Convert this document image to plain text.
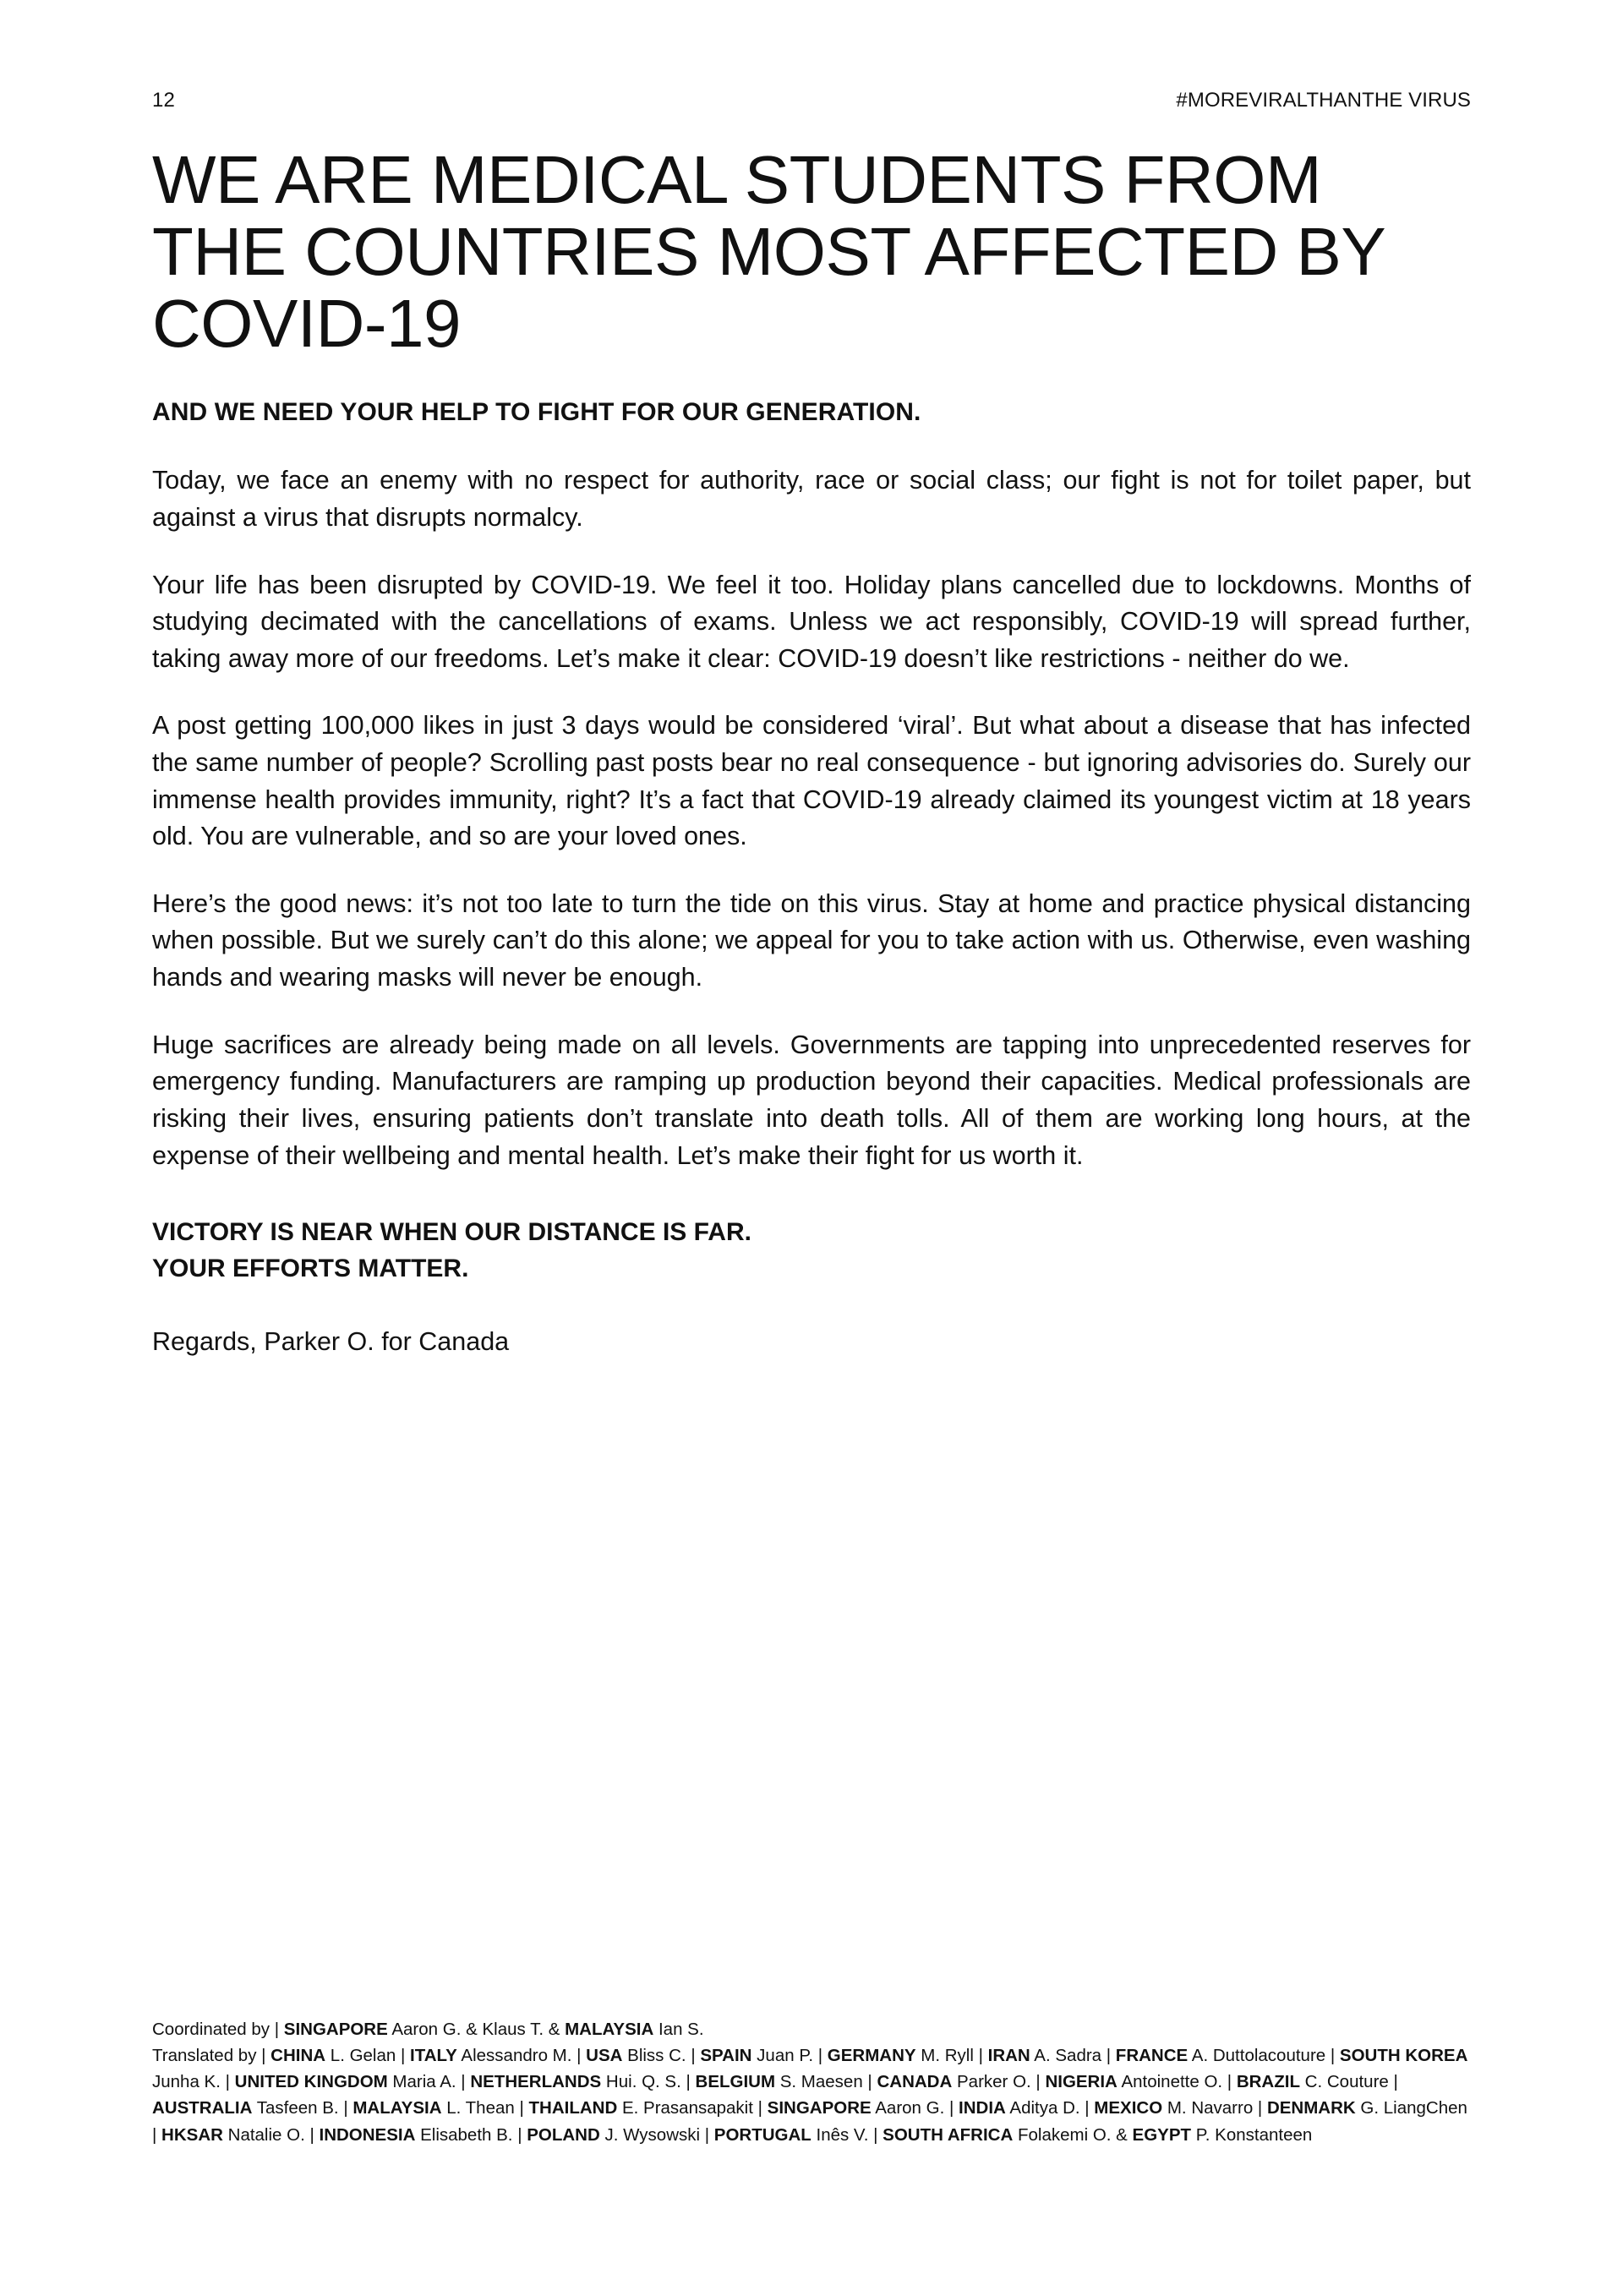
12	#MOREVIRALTHANTHE VIRUS
WE ARE MEDICAL STUDENTS FROM THE COUNTRIES MOST AFFECTED BY COVID-19
AND WE NEED YOUR HELP TO FIGHT FOR OUR GENERATION.

Today, we face an enemy with no respect for authority, race or social class; our fight is not for toilet paper, but against a virus that disrupts normalcy.

Your life has been disrupted by COVID-19. We feel it too. Holiday plans cancelled due to lockdowns. Months of studying decimated with the cancellations of exams. Unless we act responsibly, COVID-19 will spread further, taking away more of our freedoms. Let’s make it clear: COVID-19 doesn’t like restrictions - neither do we.

A post getting 100,000 likes in just 3 days would be considered ‘viral’. But what about a disease that has infected the same number of people? Scrolling past posts bear no real consequence - but ignoring advisories do. Surely our immense health provides immunity, right? It’s a fact that COVID-19 already claimed its youngest victim at 18 years old. You are vulnerable, and so are your loved ones.

Here’s the good news: it’s not too late to turn the tide on this virus. Stay at home and practice physical distancing when possible. But we surely can’t do this alone; we appeal for you to take action with us. Otherwise, even washing hands and wearing masks will never be enough.

Huge sacrifices are already being made on all levels. Governments are tapping into unprecedented reserves for emergency funding. Manufacturers are ramping up production beyond their capacities. Medical professionals are risking their lives, ensuring patients don’t translate into death tolls. All of them are working long hours, at the expense of their wellbeing and mental health. Let’s make their fight for us worth it.

VICTORY IS NEAR WHEN OUR DISTANCE IS FAR.
YOUR EFFORTS MATTER.
Regards, Parker O. for Canada
Coordinated by | SINGAPORE Aaron G. & Klaus T. & MALAYSIA Ian S.
Translated by | CHINA L. Gelan | ITALY Alessandro M. | USA Bliss C. | SPAIN Juan P. | GERMANY M. Ryll | IRAN A. Sadra | FRANCE A. Duttolacouture | SOUTH KOREA Junha K. | UNITED KINGDOM Maria A. | NETHERLANDS Hui. Q. S. | BELGIUM S. Maesen | CANADA Parker O. | NIGERIA Antoinette O. | BRAZIL C. Couture | AUSTRALIA Tasfeen B. | MALAYSIA L. Thean | THAILAND E. Prasansapakit | SINGAPORE Aaron G. | INDIA Aditya D. | MEXICO M. Navarro | DENMARK G. LiangChen | HKSAR Natalie O. | INDONESIA Elisabeth B. | POLAND J. Wysowski | PORTUGAL Inês V. | SOUTH AFRICA Folakemi O. & EGYPT P. Konstanteen
